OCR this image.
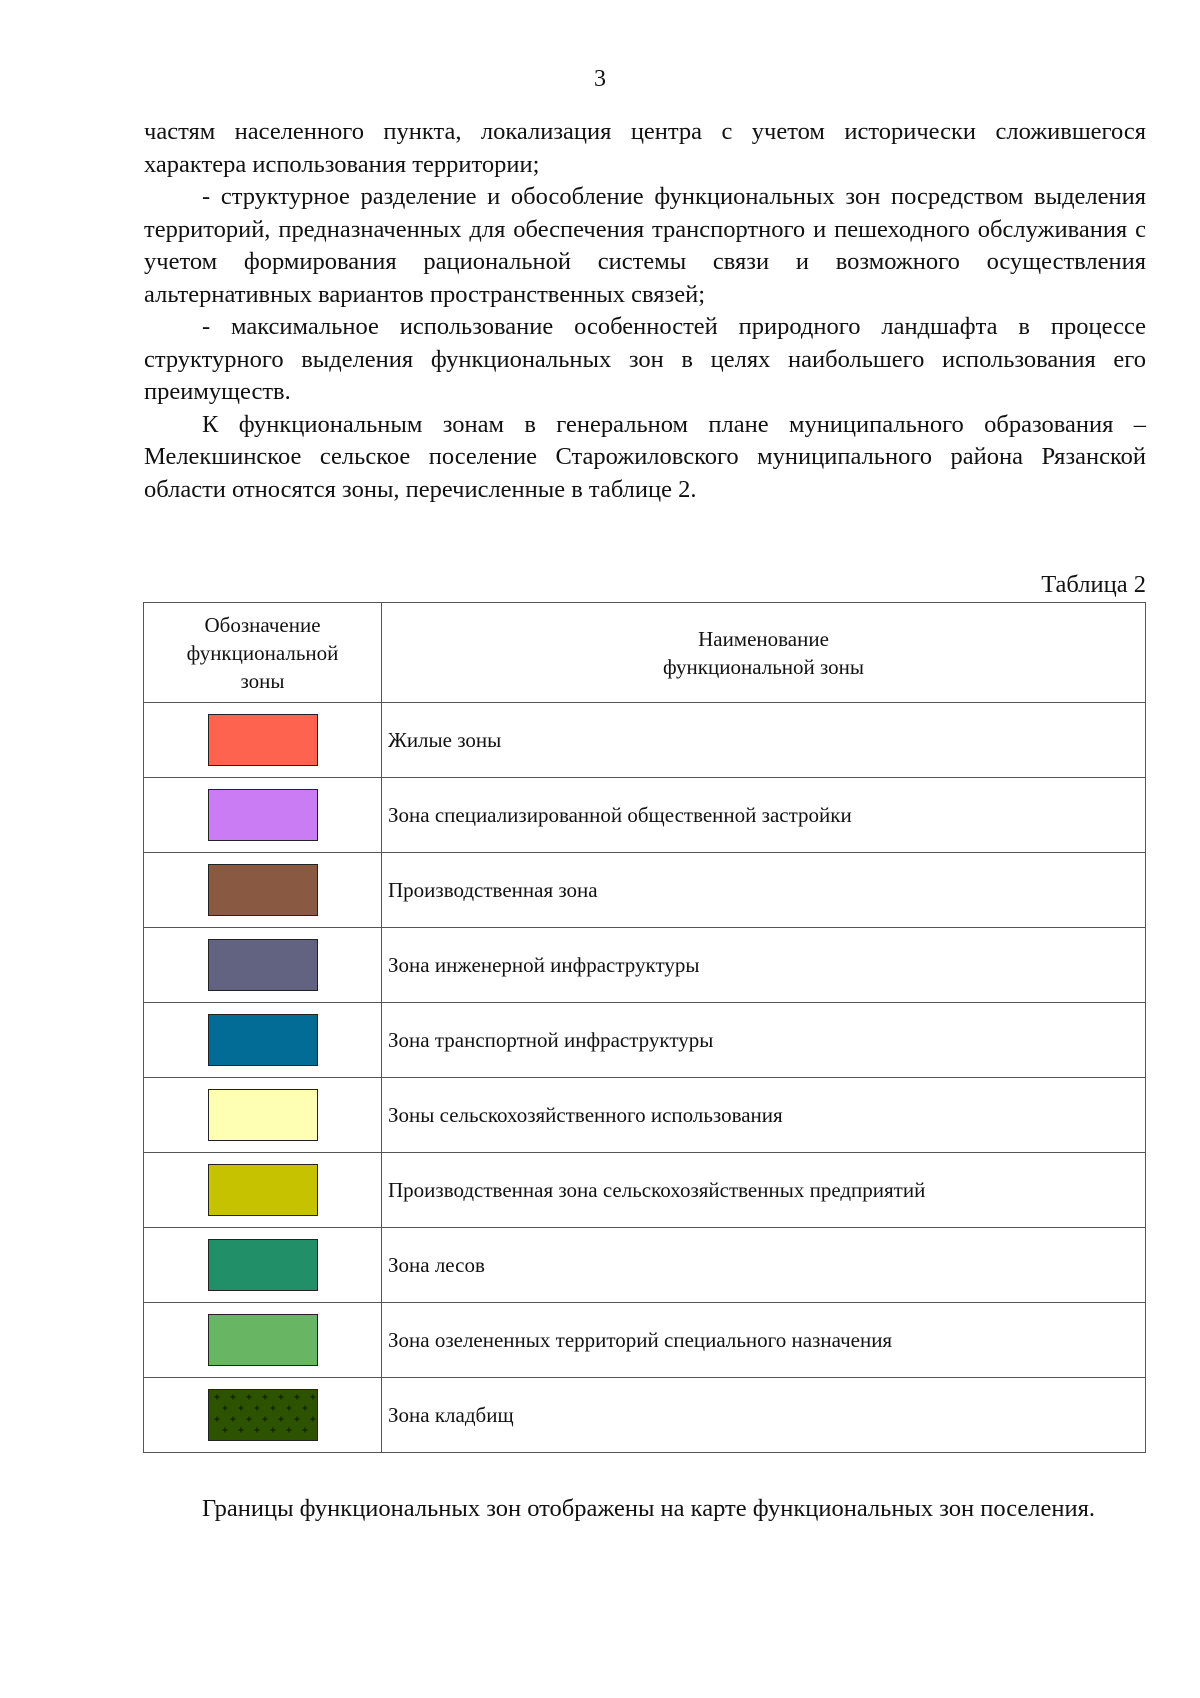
3

частям населенного пункта, локализация центра с учетом исторически сложившегося характера использования территории;

- структурное разделение и обособление функциональных зон посредством выделения территорий, предназначенных для обеспечения транспортного и пешеходного обслуживания с учетом формирования рациональной системы связи и возможного осуществления альтернативных вариантов пространственных связей;

- максимальное использование особенностей природного ландшафта в процессе структурного выделения функциональных зон в целях наибольшего использования его преимуществ.

К функциональным зонам в генеральном плане муниципального образования – Мелекшинское сельское поселение Старожиловского муниципального района Рязанской области относятся зоны, перечисленные в таблице 2.

Таблица 2
Обозначение функциональной зоны	Наименование функциональной зоны

	Жилые зоны
	Зона специализированной общественной застройки
	Производственная зона
	Зона инженерной инфраструктуры
	Зона транспортной инфраструктуры
	Зоны сельскохозяйственного использования
	Производственная зона сельскохозяйственных предприятий
	Зона лесов
	Зона озелененных территорий специального назначения

	Зона кладбищ
Границы функциональных зон отображены на карте функциональных зон поселения.
